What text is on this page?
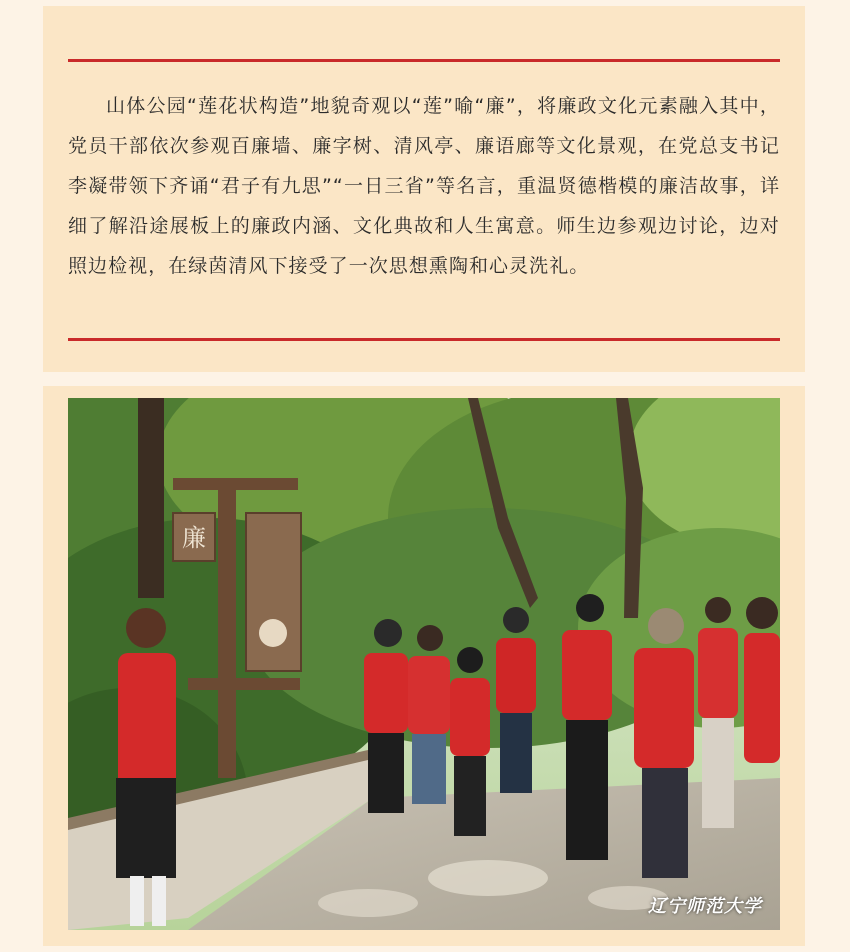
山体公园“莲花状构造”地貌奇观以“莲”喻“廉”，将廉政文化元素融入其中，党员干部依次参观百廉墙、廉字树、清风亭、廉语廊等文化景观，在党总支书记李凝带领下齐诵“君子有九思”“一日三省”等名言，重温贤德楷模的廉洁故事，详细了解沿途展板上的廉政内涵、文化典故和人生寓意。师生边参观边讨论，边对照边检视，在绿茵清风下接受了一次思想熏陶和心灵洗礼。

廉
辽宁师范大学
